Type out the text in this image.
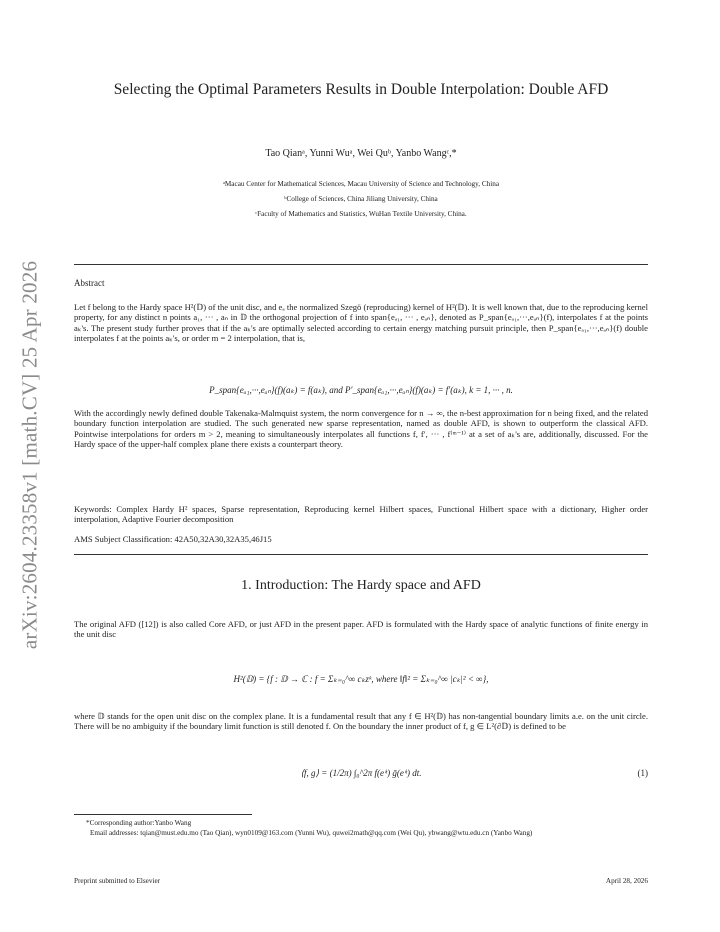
arXiv:2604.23358v1 [math.CV] 25 Apr 2026
Selecting the Optimal Parameters Results in Double Interpolation: Double AFD
Tao Qianᵃ, Yunni Wuᵃ, Wei Quᵇ, Yanbo Wangᶜ,*
ᵃMacau Center for Mathematical Sciences, Macau University of Science and Technology, China
ᵇCollege of Sciences, China Jiliang University, China
ᶜFaculty of Mathematics and Statistics, WuHan Textile University, China.
Abstract
Let f belong to the Hardy space H²(𝔻) of the unit disc, and eₐ the normalized Szegö (reproducing) kernel of H²(𝔻). It is well known that, due to the reproducing kernel property, for any distinct n points a₁, ··· , aₙ in 𝔻 the orthogonal projection of f into span{eₐ₁, ··· , eₐₙ}, denoted as P_span{eₐ₁,···,eₐₙ}(f), interpolates f at the points aₖ's. The present study further proves that if the aₖ's are optimally selected according to certain energy matching pursuit principle, then P_span{eₐ₁,···,eₐₙ}(f) double interpolates f at the points aₖ's, or order m = 2 interpolation, that is,
P_span{eₐ₁,···,eₐₙ}(f)(aₖ) = f(aₖ), and P′_span{eₐ₁,···,eₐₙ}(f)(aₖ) = f′(aₖ), k = 1, ··· , n.
With the accordingly newly defined double Takenaka-Malmquist system, the norm convergence for n → ∞, the n-best approximation for n being fixed, and the related boundary function interpolation are studied. The such generated new sparse representation, named as double AFD, is shown to outperform the classical AFD. Pointwise interpolations for orders m > 2, meaning to simultaneously interpolates all functions f, f′, ··· , f⁽ᵐ⁻¹⁾ at a set of aₖ's are, additionally, discussed. For the Hardy space of the upper-half complex plane there exists a counterpart theory.
Keywords: Complex Hardy H² spaces, Sparse representation, Reproducing kernel Hilbert spaces, Functional Hilbert space with a dictionary, Higher order interpolation, Adaptive Fourier decomposition
AMS Subject Classification: 42A50,32A30,32A35,46J15
1. Introduction: The Hardy space and AFD
The original AFD ([12]) is also called Core AFD, or just AFD in the present paper. AFD is formulated with the Hardy space of analytic functions of finite energy in the unit disc
H²(𝔻) = {f : 𝔻 → ℂ : f = Σₖ₌₀^∞ cₖzᵏ, where ‖f‖² = Σₖ₌₀^∞ |cₖ|² < ∞},
where 𝔻 stands for the open unit disc on the complex plane. It is a fundamental result that any f ∈ H²(𝔻) has non-tangential boundary limits a.e. on the unit circle. There will be no ambiguity if the boundary limit function is still denoted f. On the boundary the inner product of f, g ∈ L²(∂𝔻) is defined to be
⟨f, g⟩ = (1/2π) ∫₀^2π f(eⁱᵗ) ḡ(eⁱᵗ) dt.	(1)
*Corresponding author:Yanbo Wang
Email addresses: tqian@must.edu.mo (Tao Qian), wyn0109@163.com (Yunni Wu), quwei2math@qq.com (Wei Qu), ybwang@wtu.edu.cn (Yanbo Wang)
Preprint submitted to Elsevier	April 28, 2026
